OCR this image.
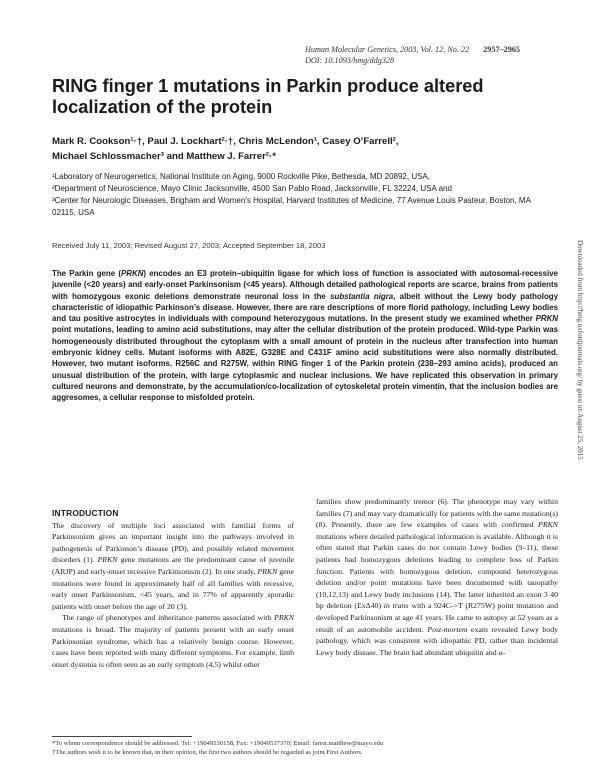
Human Molecular Genetics, 2003, Vol. 12, No. 22 2957–2965
DOI: 10.1093/hmg/ddg328
RING finger 1 mutations in Parkin produce altered localization of the protein
Mark R. Cookson¹·†, Paul J. Lockhart²·†, Chris McLendon¹, Casey O’Farrell²,
Michael Schlossmacher³ and Matthew J. Farrer²·*
¹Laboratory of Neurogenetics, National Institute on Aging, 9000 Rockville Pike, Bethesda, MD 20892, USA,
²Department of Neuroscience, Mayo Clinic Jacksonville, 4500 San Pablo Road, Jacksonville, FL 32224, USA and
³Center for Neurologic Diseases, Brigham and Women’s Hospital, Harvard Institutes of Medicine, 77 Avenue Louis Pasteur, Boston, MA 02115, USA
Received July 11, 2003; Revised August 27, 2003; Accepted September 18, 2003
The Parkin gene (PRKN) encodes an E3 protein–ubiquitin ligase for which loss of function is associated with autosomal-recessive juvenile (<20 years) and early-onset Parkinsonism (<45 years). Although detailed pathological reports are scarce, brains from patients with homozygous exonic deletions demonstrate neuronal loss in the substantia nigra, albeit without the Lewy body pathology characteristic of idiopathic Parkinson’s disease. However, there are rare descriptions of more florid pathology, including Lewy bodies and tau positive astrocytes in individuals with compound heterozygous mutations. In the present study we examined whether PRKN point mutations, leading to amino acid substitutions, may alter the cellular distribution of the protein produced. Wild-type Parkin was homogeneously distributed throughout the cytoplasm with a small amount of protein in the nucleus after transfection into human embryonic kidney cells. Mutant isoforms with A82E, G328E and C431F amino acid substitutions were also normally distributed. However, two mutant isoforms, R256C and R275W, within RING finger 1 of the Parkin protein (238–293 amino acids), produced an unusual distribution of the protein, with large cytoplasmic and nuclear inclusions. We have replicated this observation in primary cultured neurons and demonstrate, by the accumulation/co-localization of cytoskeletal protein vimentin, that the inclusion bodies are aggresomes, a cellular response to misfolded protein.	Downloaded from http://hmg.oxfordjournals.org/ by guest on August 25, 2015

INTRODUCTION

The discovery of multiple loci associated with familial forms of Parkinsonism gives an important insight into the pathways involved in pathogenesis of Parkinson’s disease (PD), and possibly related movement disorders (1). PRKN gene mutations are the predominant cause of juvenile (ARJP) and early-onset recessive Parkinsonism (2). In one study, PRKN gene mutations were found in approximately half of all families with recessive, early onset Parkinsonism, <45 years, and in 77% of apparently sporadic patients with onset before the age of 20 (3).

The range of phenotypes and inheritance patterns associated with PRKN mutations is broad. The majority of patients present with an early onset Parkinsonian syndrome, which has a relatively benign course. However, cases have been reported with many different symptoms. For example, limb onset dystonia is often seen as an early symptom (4,5) whilst other

families show predominantly tremor (6). The phenotype may vary within families (7) and may vary dramatically for patients with the same mutation(s) (8). Presently, there are few examples of cases with confirmed PRKN mutations where detailed pathological information is available. Although it is often stated that Parkin cases do not contain Lewy bodies (9–11), these patients had homozygous deletions leading to complete loss of Parkin function. Patients with homozygous deletion, compound heterozygous deletion and/or point mutations have been documented with tauopathy (10,12,13) and Lewy body inclusions (14). The latter inherited an exon 3 40 bp deletion (ExΔ40) in trans with a 924C->T (R275W) point mutation and developed Parkinsonism at age 41 years. He came to autopsy at 52 years as a result of an automobile accident. Post-mortem exam revealed Lewy body pathology, which was consistent with idiopathic PD, rather than incidental Lewy body disease. The brain had abundant ubiquitin and α-

*To whom correspondence should be addressed. Tel: +19049530158; Fax: +19049537370; Email: farrer.matthew@mayo.edu

†The authors wish it to be known that, in their opinion, the first two authors should be regarded as joint First Authors.
